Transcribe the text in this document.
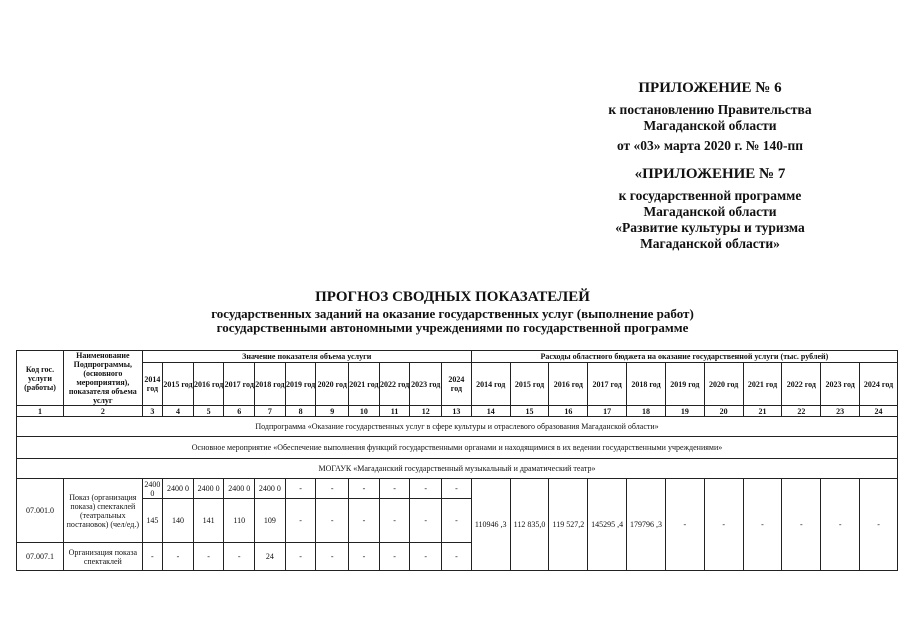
ПРИЛОЖЕНИЕ № 6
к постановлению Правительства
Магаданской области
от «03» марта 2020 г. № 140-пп
«ПРИЛОЖЕНИЕ № 7
к государственной программе
Магаданской области
«Развитие культуры и туризма
Магаданской области»
ПРОГНОЗ СВОДНЫХ ПОКАЗАТЕЛЕЙ
государственных заданий на оказание государственных услуг (выполнение работ)
государственными автономными учреждениями по государственной программе
Код гос. услуги (работы)	Наименование Подпрограммы, (основного мероприятия), показателя объема услуг	Значение показателя объема услуги											Расходы областного бюджета на оказание государственной услуги (тыс. рублей)										
		2014 год	2015 год	2016 год	2017 год	2018 год	2019 год	2020 год	2021 год	2022 год	2023 год	2024 год	2014 год	2015 год	2016 год	2017 год	2018 год	2019 год	2020 год	2021 год	2022 год	2023 год	2024 год
1	2	3	4	5	6	7	8	9	10	11	12	13	14	15	16	17	18	19	20	21	22	23	24
Подпрограмма «Оказание государственных услуг в сфере культуры и отраслевого образования Магаданской области»																							
Основное мероприятие «Обеспечение выполнения функций государственными органами и находящимися в их ведении государственными учреждениями»																							
МОГАУК «Магаданский государственный музыкальный и драматический театр»																							
07.001.0	Показ (организация показа) спектаклей (театральных постановок) (чел/ед.)	2400 0	2400 0	2400 0	2400 0	2400 0	-	-	-	-	-	-	110946 ,3	112 835,0	119 527,2	145295 ,4	179796 ,3	-	-	-	-	-	-
		145	140	141	110	109	-	-	-	-	-	-											
07.007.1	Организация показа спектаклей	-	-	-	-	24	-	-	-	-	-	-											
